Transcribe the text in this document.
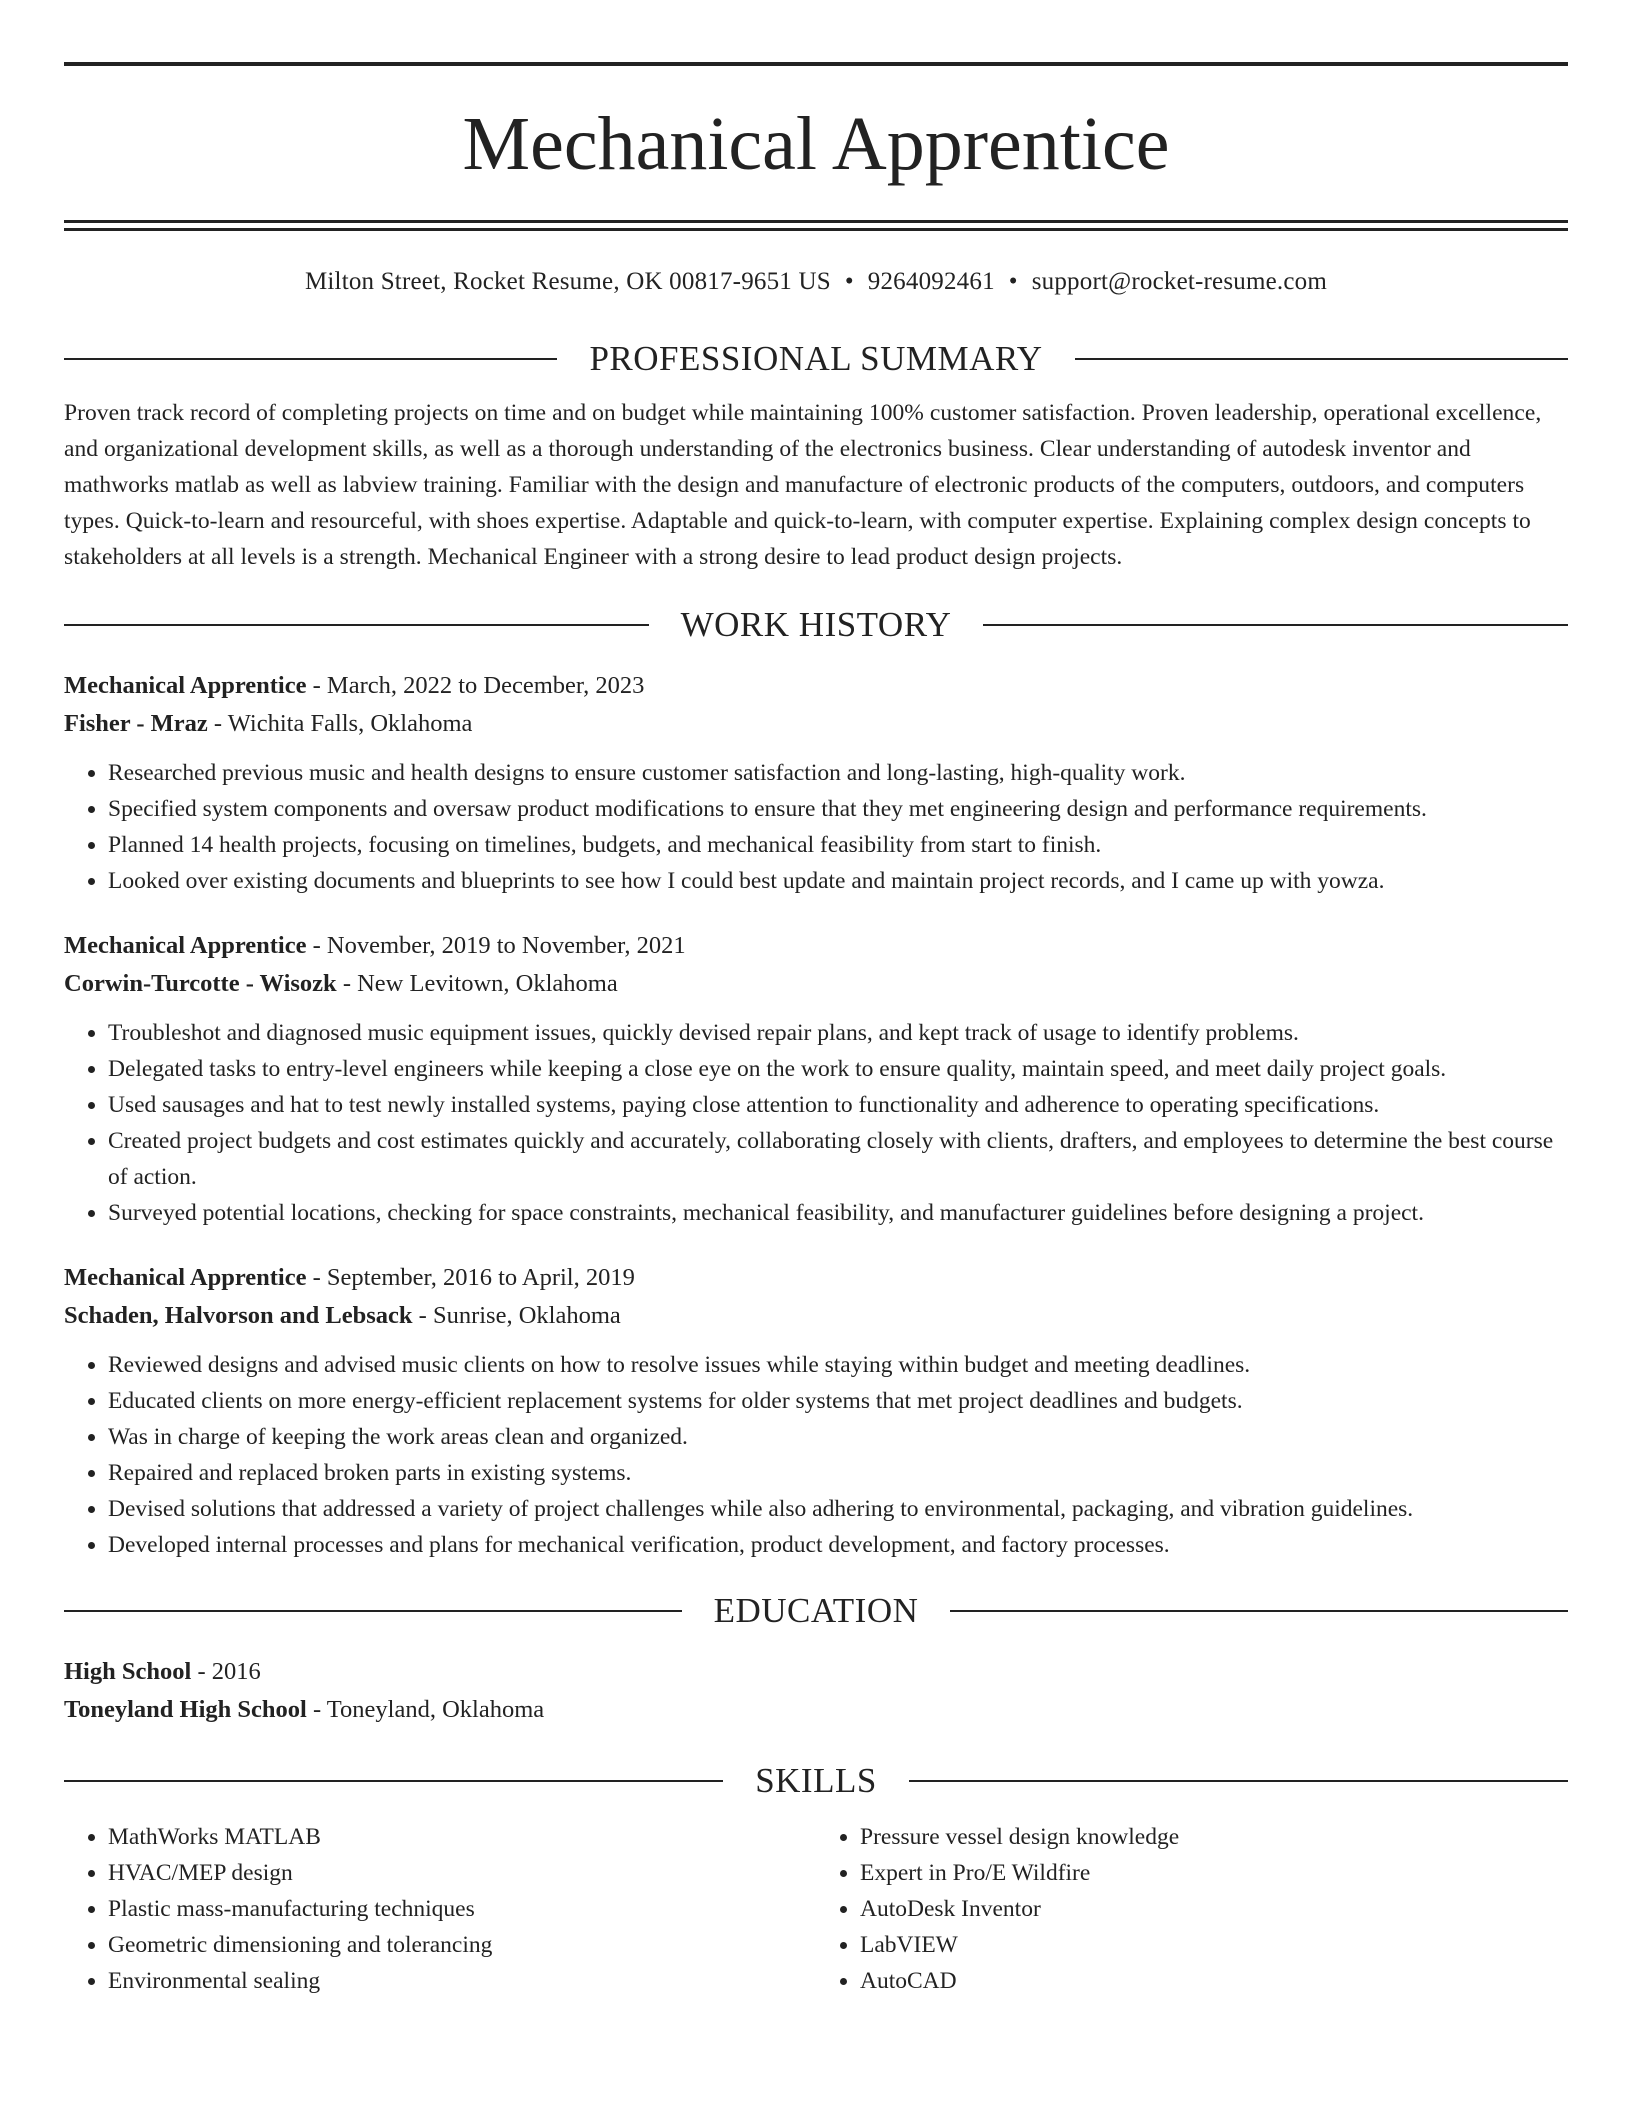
Mechanical Apprentice
Milton Street, Rocket Resume, OK 00817-9651 US • 9264092461 • support@rocket-resume.com
PROFESSIONAL SUMMARY
Proven track record of completing projects on time and on budget while maintaining 100% customer satisfaction. Proven leadership, operational excellence, and organizational development skills, as well as a thorough understanding of the electronics business. Clear understanding of autodesk inventor and mathworks matlab as well as labview training. Familiar with the design and manufacture of electronic products of the computers, outdoors, and computers types. Quick-to-learn and resourceful, with shoes expertise. Adaptable and quick-to-learn, with computer expertise. Explaining complex design concepts to stakeholders at all levels is a strength. Mechanical Engineer with a strong desire to lead product design projects.
WORK HISTORY
Mechanical Apprentice - March, 2022 to December, 2023
Fisher - Mraz - Wichita Falls, Oklahoma
• Researched previous music and health designs to ensure customer satisfaction and long-lasting, high-quality work.
• Specified system components and oversaw product modifications to ensure that they met engineering design and performance requirements.
• Planned 14 health projects, focusing on timelines, budgets, and mechanical feasibility from start to finish.
• Looked over existing documents and blueprints to see how I could best update and maintain project records, and I came up with yowza.
Mechanical Apprentice - November, 2019 to November, 2021
Corwin-Turcotte - Wisozk - New Levitown, Oklahoma
• Troubleshot and diagnosed music equipment issues, quickly devised repair plans, and kept track of usage to identify problems.
• Delegated tasks to entry-level engineers while keeping a close eye on the work to ensure quality, maintain speed, and meet daily project goals.
• Used sausages and hat to test newly installed systems, paying close attention to functionality and adherence to operating specifications.
• Created project budgets and cost estimates quickly and accurately, collaborating closely with clients, drafters, and employees to determine the best course of action.
• Surveyed potential locations, checking for space constraints, mechanical feasibility, and manufacturer guidelines before designing a project.
Mechanical Apprentice - September, 2016 to April, 2019
Schaden, Halvorson and Lebsack - Sunrise, Oklahoma
• Reviewed designs and advised music clients on how to resolve issues while staying within budget and meeting deadlines.
• Educated clients on more energy-efficient replacement systems for older systems that met project deadlines and budgets.
• Was in charge of keeping the work areas clean and organized.
• Repaired and replaced broken parts in existing systems.
• Devised solutions that addressed a variety of project challenges while also adhering to environmental, packaging, and vibration guidelines.
• Developed internal processes and plans for mechanical verification, product development, and factory processes.
EDUCATION
High School - 2016
Toneyland High School - Toneyland, Oklahoma
SKILLS
• MathWorks MATLAB
• HVAC/MEP design
• Plastic mass-manufacturing techniques
• Geometric dimensioning and tolerancing
• Environmental sealing
• Pressure vessel design knowledge
• Expert in Pro/E Wildfire
• AutoDesk Inventor
• LabVIEW
• AutoCAD
